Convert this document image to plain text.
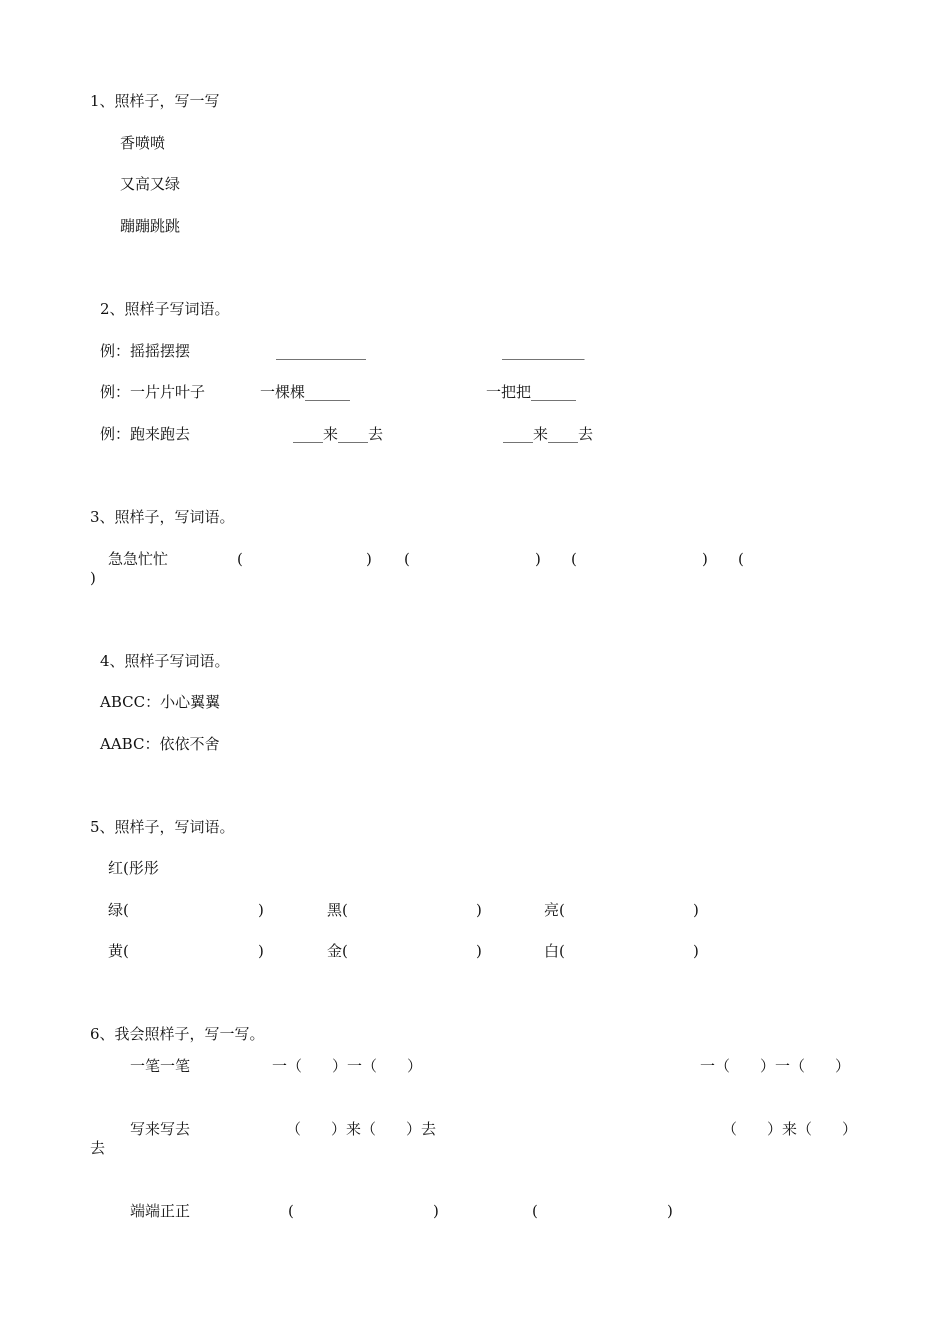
1、照样子，写一写
香喷喷
又高又绿
蹦蹦跳跳
2、照样子写词语。
例：摇摇摆摆	____________	___________
例：一片片叶子	一棵棵______	一把把______
例：跑来跑去	____来____去	____来____去
3、照样子，写词语。
急急忙忙	(	) (	) (	) (
)
4、照样子写词语。
ABCC：小心翼翼
AABC：依依不舍
5、照样子，写词语。
红(彤彤
绿(	)	黑(	)	亮(	)
黄(	)	金(	)	白(	)
6、我会照样子，写一写。
一笔一笔	一（　　）一（　　）	一（　　）一（　　）
写来写去	（　　）来（　　）去	（　　）来（　　）
去
端端正正	(	)	(	)
